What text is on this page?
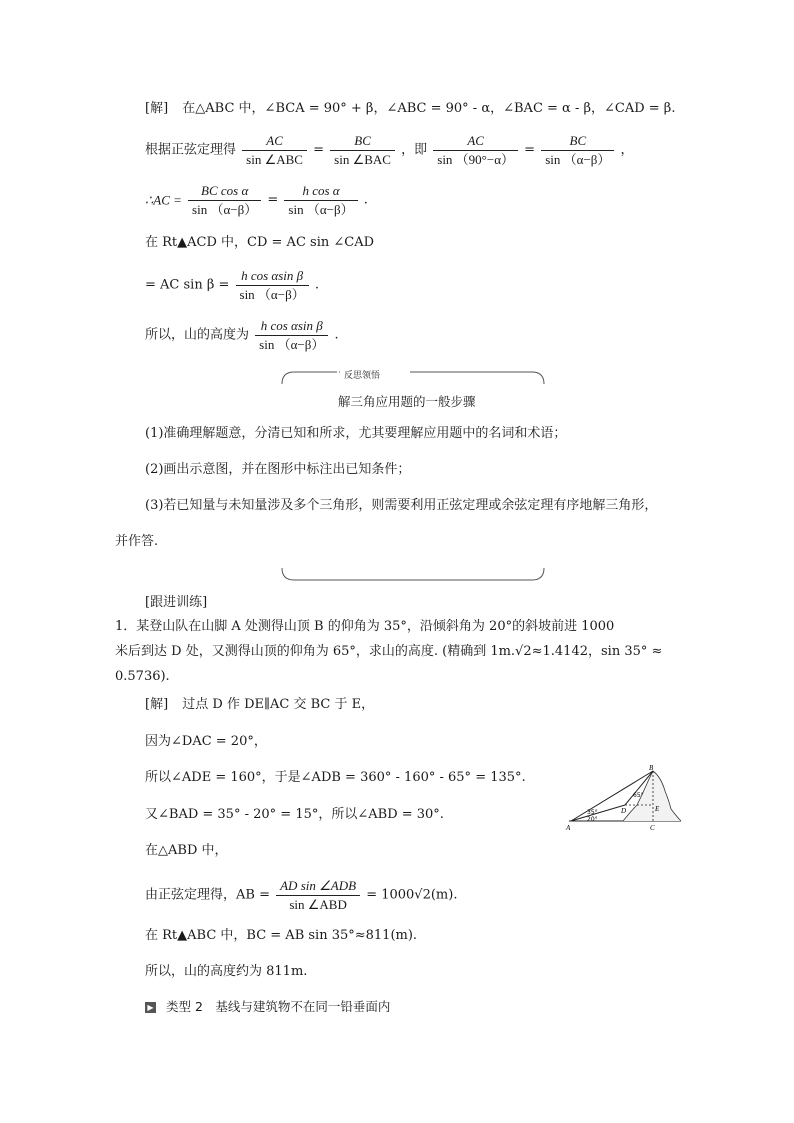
[解] 在△ABC 中，∠BCA = 90° + β，∠ABC = 90° - α，∠BAC = α - β，∠CAD = β.
根据正弦定理得 $\frac{AC}{\text{sin ∠ABC}} = \frac{BC}{\text{sin ∠BAC}}$ ，即 $\frac{AC}{\sin (90^\circ-\alpha)} = \frac{BC}{\sin (\alpha-\beta)}$ ，
∴AC = $\frac{\text{BC cos α}}{\sin (\alpha-\beta)} = \frac{\text{h cos α}}{\sin (\alpha-\beta)}$ .
在 Rt▲ACD 中，CD = AC sin ∠CAD
= AC $\sin \beta = \frac{\text{h cos αsin β}}{\sin (\alpha-\beta)}$ .
所以，山的高度为 $\frac{\text{h cos αsin β}}{\sin (\alpha-\beta)}$ .
反思领悟
解三角应用题的一般步骤
(1)准确理解题意，分清已知和所求，尤其要理解应用题中的名词和术语；
(2)画出示意图，并在图形中标注出已知条件；
(3)若已知量与未知量涉及多个三角形，则需要利用正弦定理或余弦定理有序地解三角形，
并作答.
[跟进训练]
1．某登山队在山脚 A 处测得山顶 B 的仰角为 35°，沿倾斜角为 20°的斜坡前进 1000
米后到达 D 处，又测得山顶的仰角为 65°，求山的高度. (精确到 1m.√2≈1.4142，sin 35° ≈
0.5736).
[解] 过点 D 作 DE∥AC 交 BC 于 E，
因为∠DAC = 20°，
所以∠ADE = 160°，于是∠ADB = 360° - 160° - 65° = 135°.
又∠BAD = 35° - 20° = 15°，所以∠ABD = 30°.
在△ABD 中，
由正弦定理得，AB = $\frac{\text{AD sin ∠ADB}}{\text{sin ∠ABD}} = 1000√2(m)$.
在 Rt▲ABC 中，BC = AB sin 35°≈811(m).
所以，山的高度约为 811m.
B
A	C
D	E
35°
20°
65°
▶ 类型 2　基线与建筑物不在同一铅垂面内
